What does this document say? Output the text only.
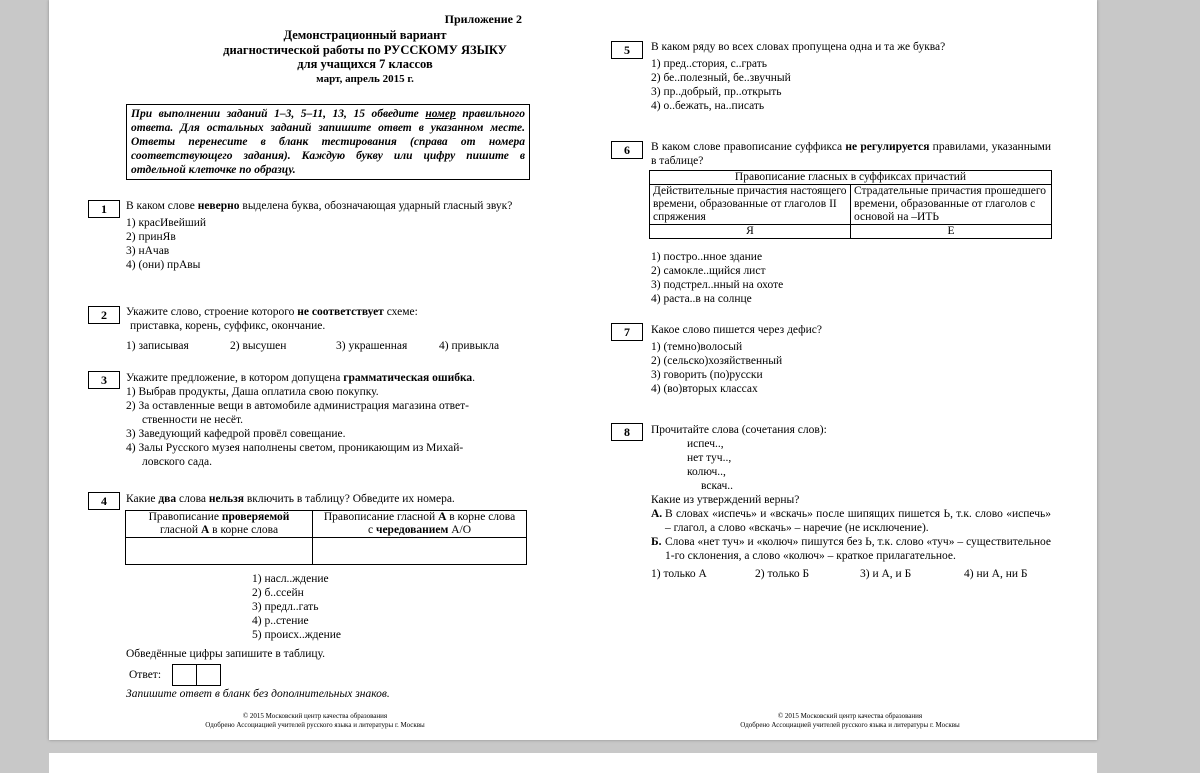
Приложение 2
Демонстрационный вариант
диагностической работы по РУССКОМУ ЯЗЫКУ
для учащихся 7 классов
март, апрель 2015 г.
При выполнении заданий 1–3, 5–11, 13, 15 обведите номер правильного ответа. Для остальных заданий запишите ответ в указанном месте. Ответы перенесите в бланк тестирования (справа от номера соответствующего задания). Каждую букву или цифру пишите в отдельной клеточке по образцу.
1	В каком слове неверно выделена буква, обозначающая ударный гласный звук?
1) красИвейший
2) принЯв
3) нАчав
4) (они) прАвы
2	Укажите слово, строение которого не соответствует схеме:
приставка, корень, суффикс, окончание.
1) записывая	2) высушен	3) украшенная	4) привыкла
3	Укажите предложение, в котором допущена грамматическая ошибка.
1) Выбрав продукты, Даша оплатила свою покупку.
2) За оставленные вещи в автомобиле администрация магазина ответ-
ственности не несёт.
3) Заведующий кафедрой провёл совещание.
4) Залы Русского музея наполнены светом, проникающим из Михай-
ловского сада.
4	Какие два слова нельзя включить в таблицу? Обведите их номера.
Правописание проверяемой
гласной А в корне слова	Правописание гласной А в корне слова
с чередованием А/О

1) насл..ждение
2) б..ссейн
3) предл..гать
4) р..стение
5) происх..ждение
Обведённые цифры запишите в таблицу.
Ответ:
Запишите ответ в бланк без дополнительных знаков.
© 2015 Московский центр качества образования
Одобрено Ассоциацией учителей русского языка и литературы г. Москвы
5	В каком ряду во всех словах пропущена одна и та же буква?
1) пред..стория, с..грать
2) бе..полезный, бе..звучный
3) пр..добрый, пр..открыть
4) о..бежать, на..писать
6	В каком слове правописание суффикса не регулируется правилами, указанными в таблице?
Правописание гласных в суффиксах причастий	
Действительные причастия настоящего времени, образованные от глаголов II спряжения	Страдательные причастия прошедшего времени, образованные от глаголов с основой на –ИТЬ
Я	Е
1) постро..нное здание
2) самокле..щийся лист
3) подстрел..нный на охоте
4) раста..в на солнце
7	Какое слово пишется через дефис?
1) (темно)волосый
2) (сельско)хозяйственный
3) говорить (по)русски
4) (во)вторых классах
8	Прочитайте слова (сочетания слов):
испеч..,
нет туч..,
колюч..,
вскач..
Какие из утверждений верны?
А. В словах «испечь» и «вскачь» после шипящих пишется Ь, т.к. слово «испечь» – глагол, а слово «вскачь» – наречие (не исключение).
Б. Слова «нет туч» и «колюч» пишутся без Ь, т.к. слово «туч» – существительное 1-го склонения, а слово «колюч» – краткое прилагательное.
1) только А	2) только Б	3) и А, и Б	4) ни А, ни Б
© 2015 Московский центр качества образования
Одобрено Ассоциацией учителей русского языка и литературы г. Москвы
